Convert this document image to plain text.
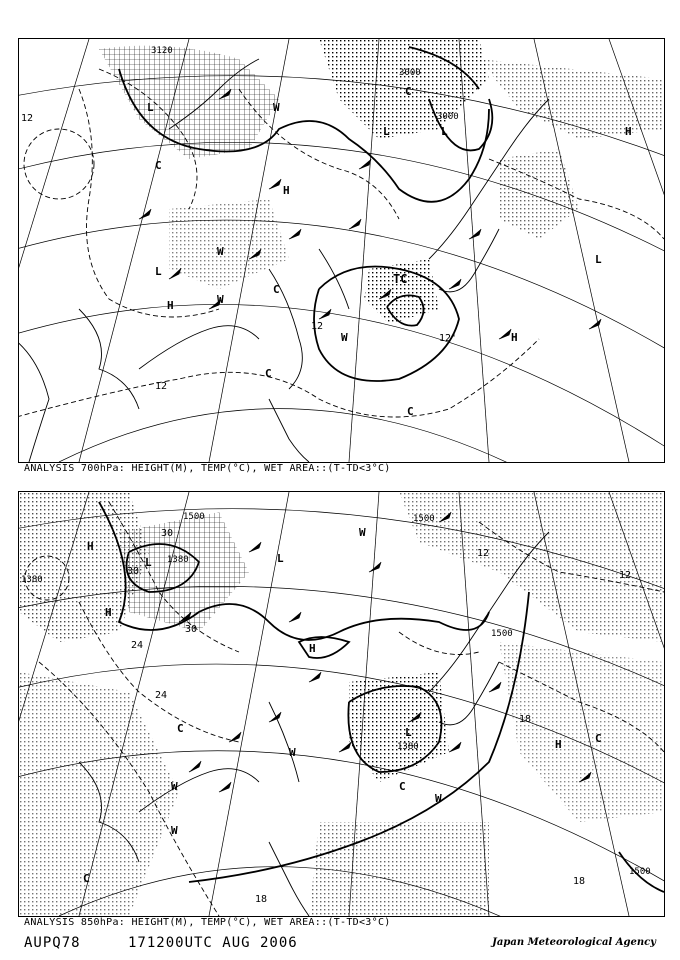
3120
3000
3000
12
12
12
12'
H
H
H
H
L
L
L
L
L
W
W
W
W
C
C
C
C
C
TC
ANALYSIS 700hPa: HEIGHT(M), TEMP(°C), WET AREA::(T-TD<3°C)
1500
1380
1500
1500
1380
1500
1380
30
30
30
24
24
18
18
18
12
12
H
H
H
H
L	L
L
W
W
W
W
W
C
C
C
C
ANALYSIS 850hPa: HEIGHT(M), TEMP(°C), WET AREA::(T-TD<3°C)
AUPQ78	171200UTC AUG 2006	Japan Meteorological Agency
